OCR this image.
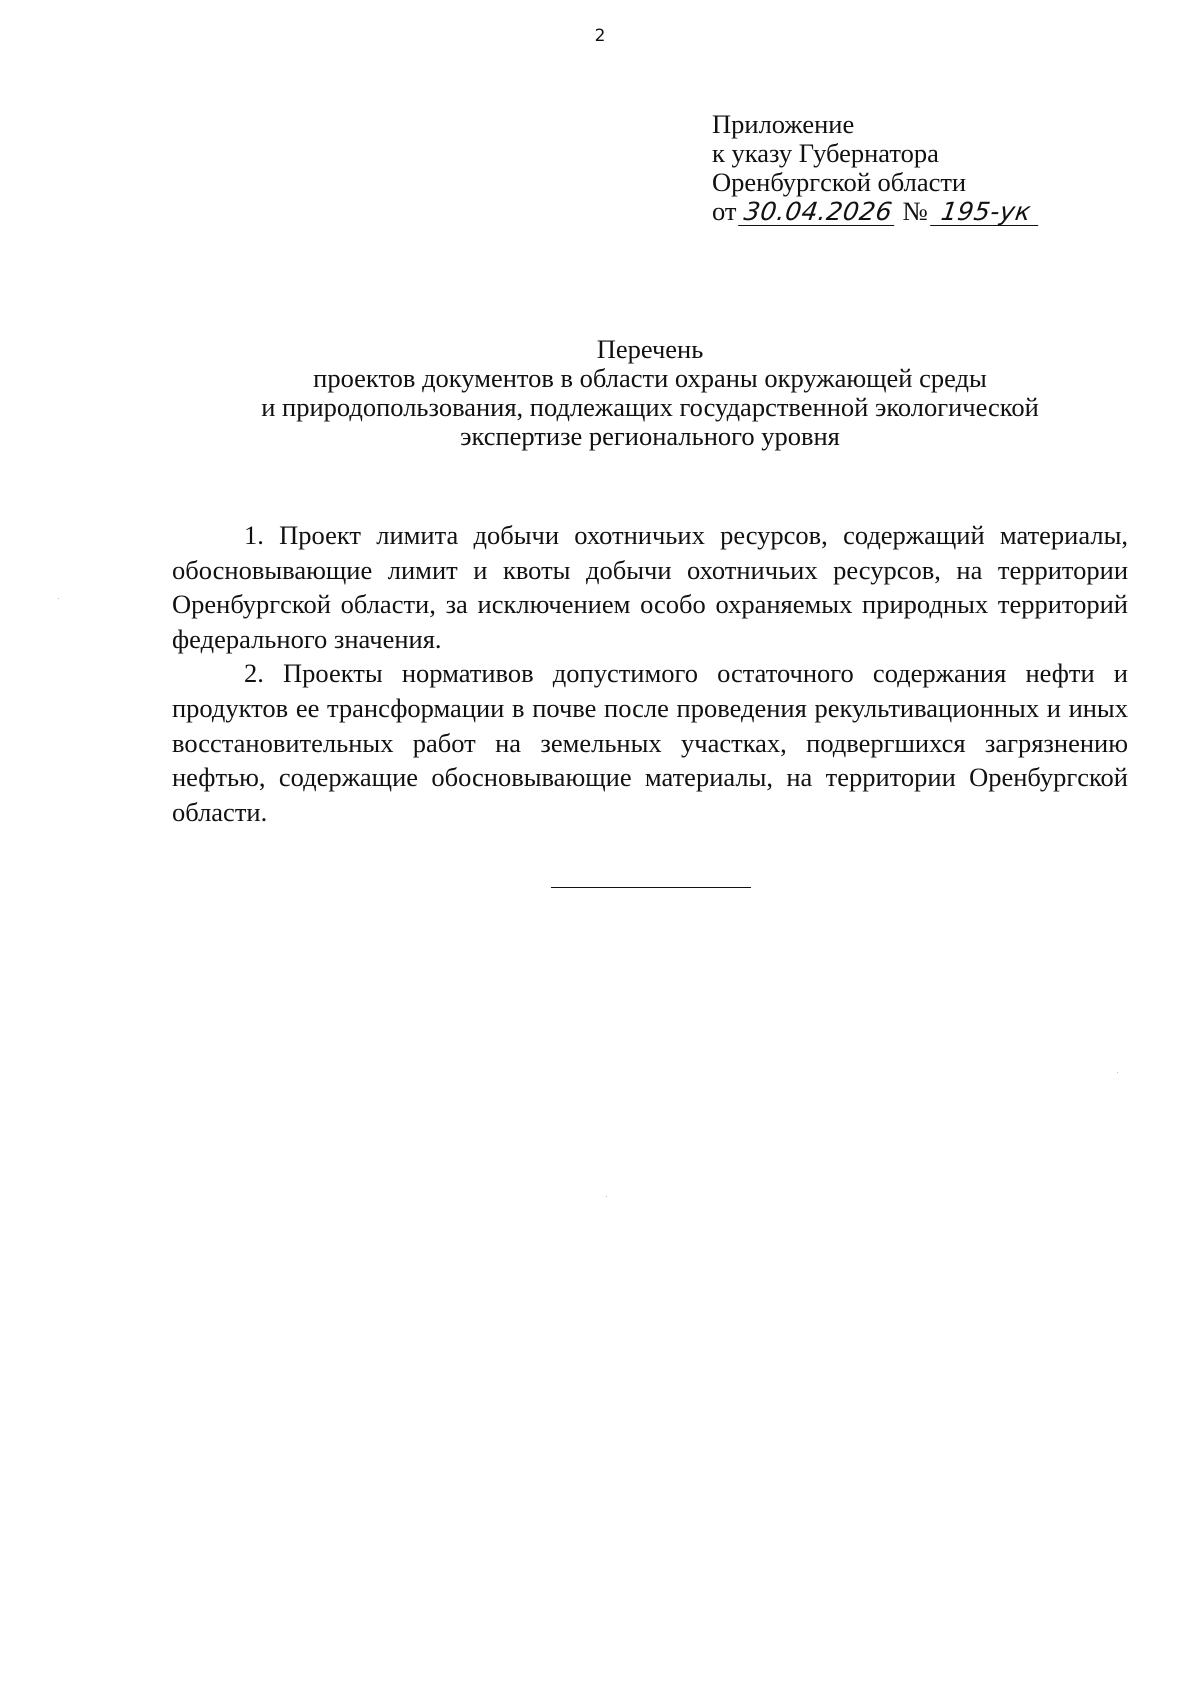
2
Приложение
к указу Губернатора
Оренбургской области
от 30.04.2026 № 195-ук
Перечень
проектов документов в области охраны окружающей среды
и природопользования, подлежащих государственной экологической
экспертизе регионального уровня

1. Проект лимита добычи охотничьих ресурсов, содержащий материалы, обосновывающие лимит и квоты добычи охотничьих ресурсов, на территории Оренбургской области, за исключением особо охраняемых природных территорий федерального значения.

2. Проекты нормативов допустимого остаточного содержания нефти и продуктов ее трансформации в почве после проведения рекультивационных и иных восстановительных работ на земельных участках, подвергшихся загрязнению нефтью, содержащие обосновывающие материалы, на территории Оренбургской области.
